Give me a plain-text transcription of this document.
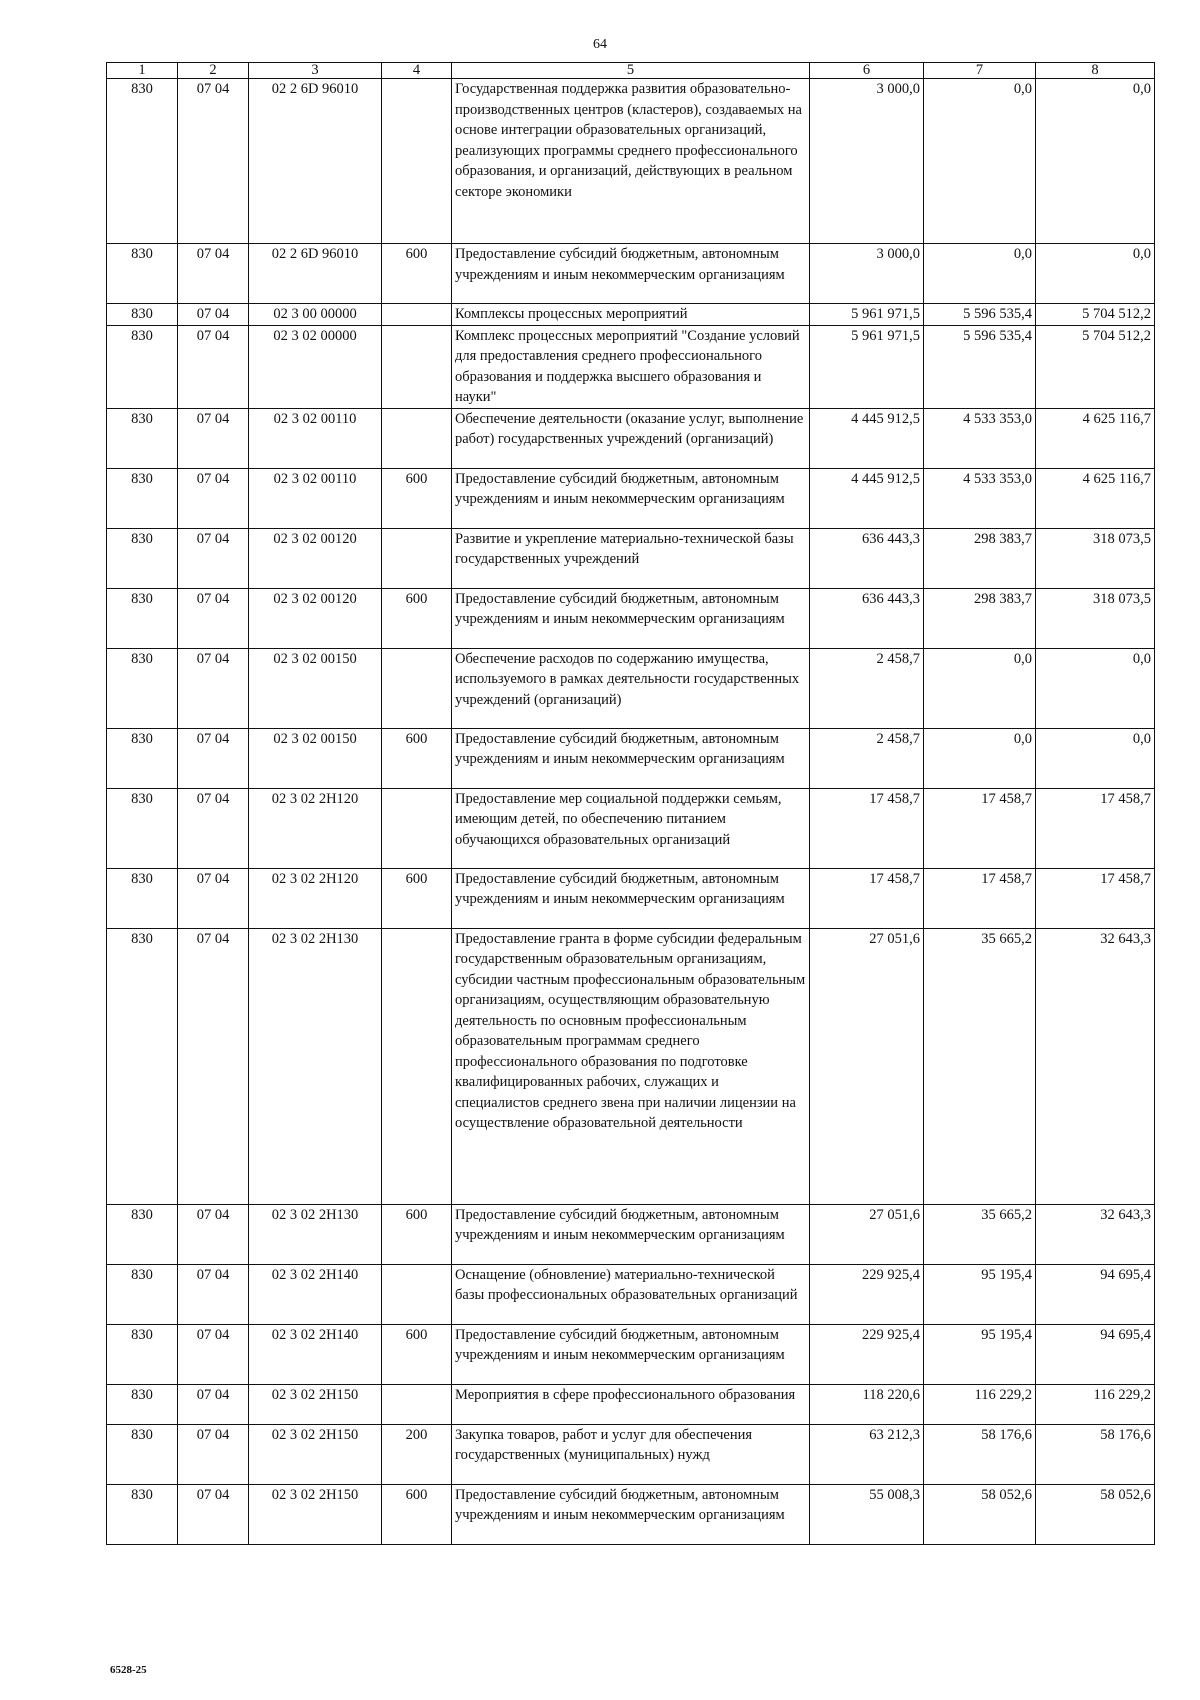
64
1	2	3	4	5	6	7	8
830	07 04	02 2 6D 96010		Государственная поддержка развития образовательно-производственных центров (кластеров), создаваемых на основе интеграции образовательных организаций, реализующих программы среднего профессионального образования, и организаций, действующих в реальном секторе экономики	3 000,0	0,0	0,0
830	07 04	02 2 6D 96010	600	Предоставление субсидий бюджетным, автономным учреждениям и иным некоммерческим организациям	3 000,0	0,0	0,0
830	07 04	02 3 00 00000		Комплексы процессных мероприятий	5 961 971,5	5 596 535,4	5 704 512,2
830	07 04	02 3 02 00000		Комплекс процессных мероприятий "Создание условий для предоставления среднего профессионального образования и поддержка высшего образования и науки"	5 961 971,5	5 596 535,4	5 704 512,2
830	07 04	02 3 02 00110		Обеспечение деятельности (оказание услуг, выполнение работ) государственных учреждений (организаций)	4 445 912,5	4 533 353,0	4 625 116,7
830	07 04	02 3 02 00110	600	Предоставление субсидий бюджетным, автономным учреждениям и иным некоммерческим организациям	4 445 912,5	4 533 353,0	4 625 116,7
830	07 04	02 3 02 00120		Развитие и укрепление материально-технической базы государственных учреждений	636 443,3	298 383,7	318 073,5
830	07 04	02 3 02 00120	600	Предоставление субсидий бюджетным, автономным учреждениям и иным некоммерческим организациям	636 443,3	298 383,7	318 073,5
830	07 04	02 3 02 00150		Обеспечение расходов по содержанию имущества, используемого в рамках деятельности государственных учреждений (организаций)	2 458,7	0,0	0,0
830	07 04	02 3 02 00150	600	Предоставление субсидий бюджетным, автономным учреждениям и иным некоммерческим организациям	2 458,7	0,0	0,0
830	07 04	02 3 02 2Н120		Предоставление мер социальной поддержки семьям, имеющим детей, по обеспечению питанием обучающихся образовательных организаций	17 458,7	17 458,7	17 458,7
830	07 04	02 3 02 2Н120	600	Предоставление субсидий бюджетным, автономным учреждениям и иным некоммерческим организациям	17 458,7	17 458,7	17 458,7
830	07 04	02 3 02 2Н130		Предоставление гранта в форме субсидии федеральным государственным образовательным организациям, субсидии частным профессиональным образовательным организациям, осуществляющим образовательную деятельность по основным профессиональным образовательным программам среднего профессионального образования по подготовке квалифицированных рабочих, служащих и специалистов среднего звена при наличии лицензии на осуществление образовательной деятельности	27 051,6	35 665,2	32 643,3
830	07 04	02 3 02 2Н130	600	Предоставление субсидий бюджетным, автономным учреждениям и иным некоммерческим организациям	27 051,6	35 665,2	32 643,3
830	07 04	02 3 02 2Н140		Оснащение (обновление) материально-технической базы профессиональных образовательных организаций	229 925,4	95 195,4	94 695,4
830	07 04	02 3 02 2Н140	600	Предоставление субсидий бюджетным, автономным учреждениям и иным некоммерческим организациям	229 925,4	95 195,4	94 695,4
830	07 04	02 3 02 2Н150		Мероприятия в сфере профессионального образования	118 220,6	116 229,2	116 229,2
830	07 04	02 3 02 2Н150	200	Закупка товаров, работ и услуг для обеспечения государственных (муниципальных) нужд	63 212,3	58 176,6	58 176,6
830	07 04	02 3 02 2Н150	600	Предоставление субсидий бюджетным, автономным учреждениям и иным некоммерческим организациям	55 008,3	58 052,6	58 052,6
6528-25
